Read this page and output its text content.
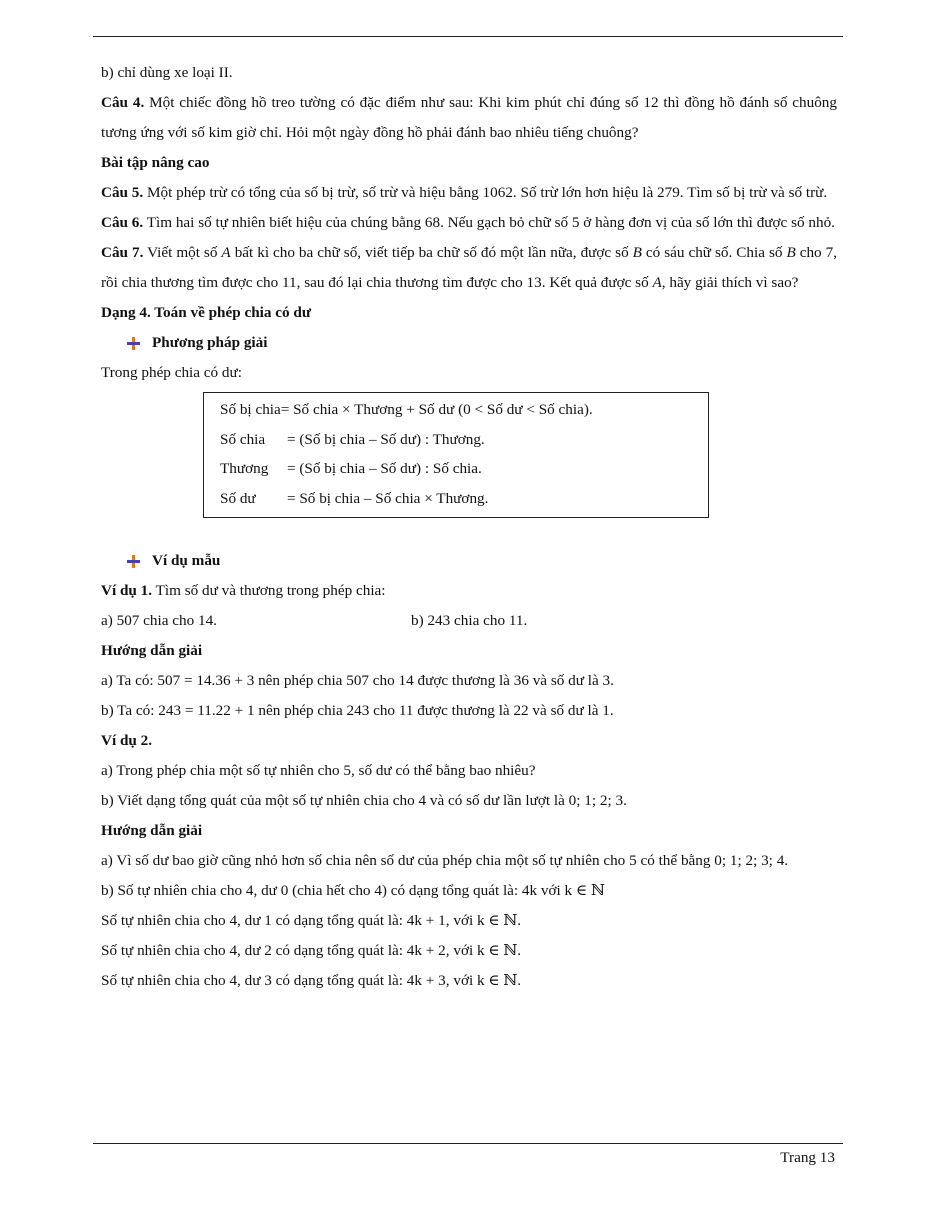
b) chỉ dùng xe loại II.

Câu 4. Một chiếc đồng hồ treo tường có đặc điểm như sau: Khi kim phút chỉ đúng số 12 thì đồng hồ đánh số chuông tương ứng với số kim giờ chỉ. Hỏi một ngày đồng hồ phải đánh bao nhiêu tiếng chuông?

Bài tập nâng cao

Câu 5. Một phép trừ có tổng của số bị trừ, số trừ và hiệu bằng 1062. Số trừ lớn hơn hiệu là 279. Tìm số bị trừ và số trừ.

Câu 6. Tìm hai số tự nhiên biết hiệu của chúng bằng 68. Nếu gạch bỏ chữ số 5 ở hàng đơn vị của số lớn thì được số nhỏ.

Câu 7. Viết một số A bất kì cho ba chữ số, viết tiếp ba chữ số đó một lần nữa, được số B có sáu chữ số. Chia số B cho 7, rồi chia thương tìm được cho 11, sau đó lại chia thương tìm được cho 13. Kết quả được số A, hãy giải thích vì sao?

Dạng 4. Toán về phép chia có dư

Phương pháp giải

Trong phép chia có dư:

Số bị chia = Số chia × Thương + Số dư (0 < Số dư < Số chia).
Số chia	= (Số bị chia – Số dư) : Thương.
Thương	= (Số bị chia – Số dư) : Số chia.
Số dư	= Số bị chia – Số chia × Thương.
Ví dụ mẫu

Ví dụ 1. Tìm số dư và thương trong phép chia:

a) 507 chia cho 14.	b) 243 chia cho 11.

Hướng dẫn giải

a) Ta có: 507 = 14.36 + 3 nên phép chia 507 cho 14 được thương là 36 và số dư là 3.

b) Ta có: 243 = 11.22 + 1 nên phép chia 243 cho 11 được thương là 22 và số dư là 1.

Ví dụ 2.

a) Trong phép chia một số tự nhiên cho 5, số dư có thể bằng bao nhiêu?

b) Viết dạng tổng quát của một số tự nhiên chia cho 4 và có số dư lần lượt là 0; 1; 2; 3.

Hướng dẫn giải

a) Vì số dư bao giờ cũng nhỏ hơn số chia nên số dư của phép chia một số tự nhiên cho 5 có thể bằng 0; 1; 2; 3; 4.

b) Số tự nhiên chia cho 4, dư 0 (chia hết cho 4) có dạng tổng quát là: 4k với k ∈ ℕ

Số tự nhiên chia cho 4, dư 1 có dạng tổng quát là: 4k + 1, với k ∈ ℕ.

Số tự nhiên chia cho 4, dư 2 có dạng tổng quát là: 4k + 2, với k ∈ ℕ.

Số tự nhiên chia cho 4, dư 3 có dạng tổng quát là: 4k + 3, với k ∈ ℕ.

Trang 13
